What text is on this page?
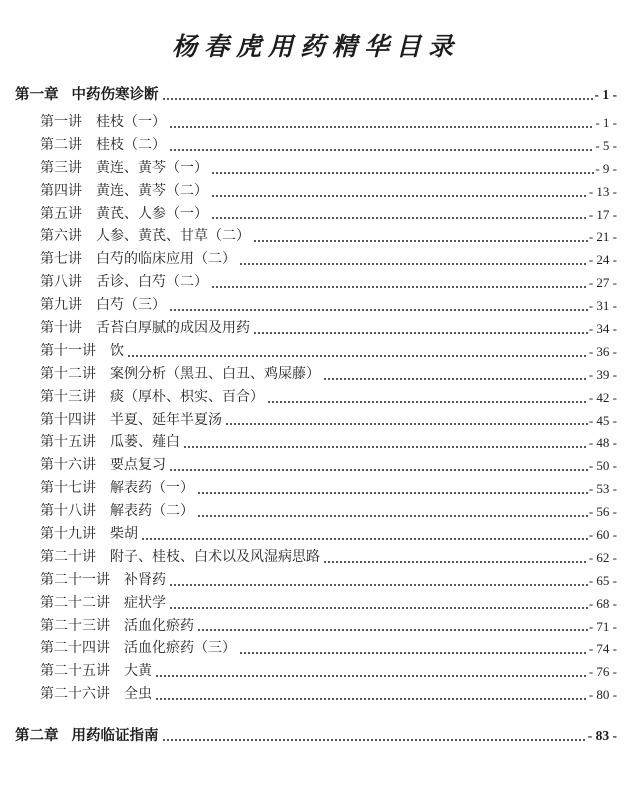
杨春虎用药精华目录
第一章 中药伤寒诊断	- 1 -
第一讲 桂枝（一）	- 1 -
第二讲 桂枝（二）	- 5 -
第三讲 黄连、黄芩（一）	- 9 -
第四讲 黄连、黄芩（二）	- 13 -
第五讲 黄芪、人参（一）	- 17 -
第六讲 人参、黄芪、甘草（二）	- 21 -
第七讲 白芍的临床应用（二）	- 24 -
第八讲 舌诊、白芍（二）	- 27 -
第九讲 白芍（三）	- 31 -
第十讲 舌苔白厚腻的成因及用药	- 34 -
第十一讲 饮	- 36 -
第十二讲 案例分析（黑丑、白丑、鸡屎藤）	- 39 -
第十三讲 痰（厚朴、枳实、百合）	- 42 -
第十四讲 半夏、延年半夏汤	- 45 -
第十五讲 瓜蒌、薤白	- 48 -
第十六讲 要点复习	- 50 -
第十七讲 解表药（一）	- 53 -
第十八讲 解表药（二）	- 56 -
第十九讲 柴胡	- 60 -
第二十讲 附子、桂枝、白术以及风湿病思路	- 62 -
第二十一讲 补肾药	- 65 -
第二十二讲 症状学	- 68 -
第二十三讲 活血化瘀药	- 71 -
第二十四讲 活血化瘀药（三）	- 74 -
第二十五讲 大黄	- 76 -
第二十六讲 全虫	- 80 -
第二章 用药临证指南	- 83 -
